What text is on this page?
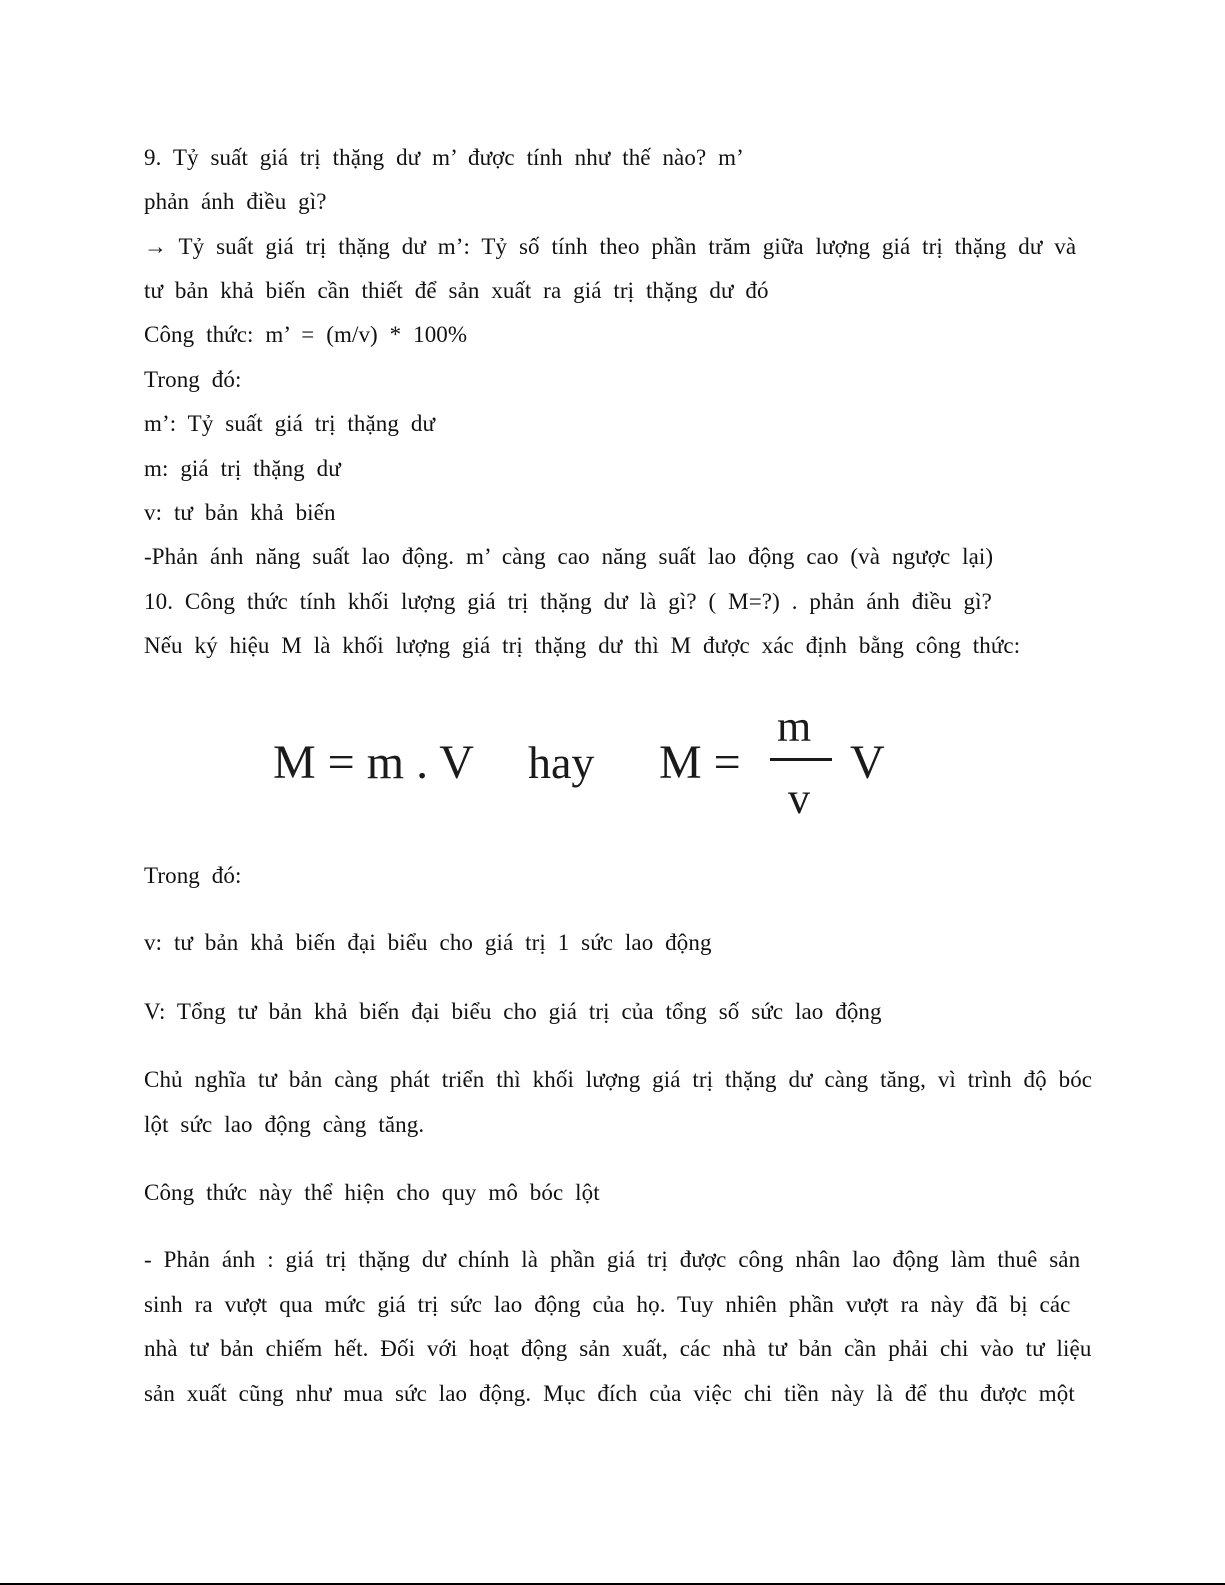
9. Tỷ suất giá trị thặng dư m’ được tính như thế nào? m’
phản ánh điều gì?
→ Tỷ suất giá trị thặng dư m’: Tỷ số tính theo phần trăm giữa lượng giá trị thặng dư và
tư bản khả biến cần thiết để sản xuất ra giá trị thặng dư đó
Công thức: m’ = (m/v) * 100%
Trong đó:
m’: Tỷ suất giá trị thặng dư
m: giá trị thặng dư
v: tư bản khả biến
-Phản ánh năng suất lao động. m’ càng cao năng suất lao động cao (và ngược lại)
10. Công thức tính khối lượng giá trị thặng dư là gì? ( M=?) . phản ánh điều gì?
Nếu ký hiệu M là khối lượng giá trị thặng dư thì M được xác định bằng công thức:
M = m . V hay M =
m
v
V
Trong đó:
v: tư bản khả biến đại biểu cho giá trị 1 sức lao động
V: Tổng tư bản khả biến đại biểu cho giá trị của tổng số sức lao động
Chủ nghĩa tư bản càng phát triển thì khối lượng giá trị thặng dư càng tăng, vì trình độ bóc
lột sức lao động càng tăng.
Công thức này thể hiện cho quy mô bóc lột
- Phản ánh : giá trị thặng dư chính là phần giá trị được công nhân lao động làm thuê sản
sinh ra vượt qua mức giá trị sức lao động của họ. Tuy nhiên phần vượt ra này đã bị các
nhà tư bản chiếm hết. Đối với hoạt động sản xuất, các nhà tư bản cần phải chi vào tư liệu
sản xuất cũng như mua sức lao động. Mục đích của việc chi tiền này là để thu được một
